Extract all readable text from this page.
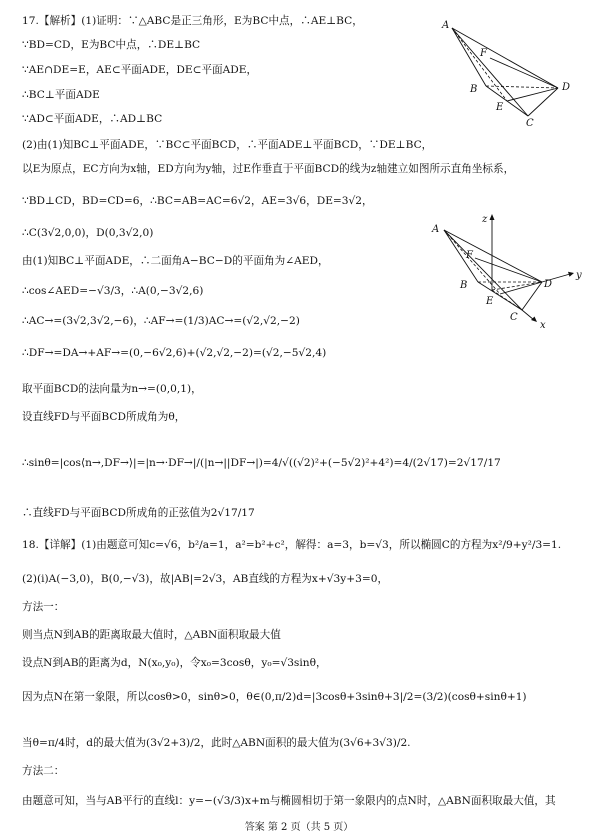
17.【解析】(1)证明：∵△ABC是正三角形，E为BC中点，∴AE⊥BC，
∵BD=CD，E为BC中点，∴DE⊥BC
∵AE∩DE=E，AE⊂平面ADE，DE⊂平面ADE，
∴BC⊥平面ADE
∵AD⊂平面ADE，∴AD⊥BC
(2)由(1)知BC⊥平面ADE，∵BC⊂平面BCD，∴平面ADE⊥平面BCD，∵DE⊥BC，
以E为原点，EC方向为x轴，ED方向为y轴，过E作垂直于平面BCD的线为z轴建立如图所示直角坐标系，
∵BD⊥CD，BD=CD=6，∴BC=AB=AC=6√2，AE=3√6，DE=3√2，
∴C(3√2,0,0)，D(0,3√2,0)
由(1)知BC⊥平面ADE，∴二面角A−BC−D的平面角为∠AED，
∴cos∠AED=−√3/3，∴A(0,−3√2,6)
∴AC→=(3√2,3√2,−6)，∴AF→=(1/3)AC→=(√2,√2,−2)
∴DF→=DA→+AF→=(0,−6√2,6)+(√2,√2,−2)=(√2,−5√2,4)
取平面BCD的法向量为n→=(0,0,1)，
设直线FD与平面BCD所成角为θ，
∴sinθ=|cos⟨n→,DF→⟩|=|n→·DF→|/(|n→||DF→|)=4/√((√2)²+(−5√2)²+4²)=4/(2√17)=2√17/17
∴直线FD与平面BCD所成角的正弦值为2√17/17
18.【详解】(1)由题意可知c=√6，b²/a=1，a²=b²+c²，解得：a=3，b=√3，所以椭圆C的方程为x²/9+y²/3=1.
(2)(i)A(−3,0)，B(0,−√3)，故|AB|=2√3，AB直线的方程为x+√3y+3=0，
方法一：
则当点N到AB的距离取最大值时，△ABN面积取最大值
设点N到AB的距离为d，N(x₀,y₀)，令x₀=3cosθ，y₀=√3sinθ，
因为点N在第一象限，所以cosθ>0，sinθ>0，θ∈(0,π/2)d=|3cosθ+3sinθ+3|/2=(3/2)(cosθ+sinθ+1)
当θ=π/4时，d的最大值为(3√2+3)/2，此时△ABN面积的最大值为(3√6+3√3)/2.
方法二：
由题意可知，当与AB平行的直线l：y=−(√3/3)x+m与椭圆相切于第一象限内的点N时，△ABN面积取最大值，其
A
F
B
E
D
C
A
F
B
E
D
C
z
y
x
答案 第 2 页（共 5 页）
